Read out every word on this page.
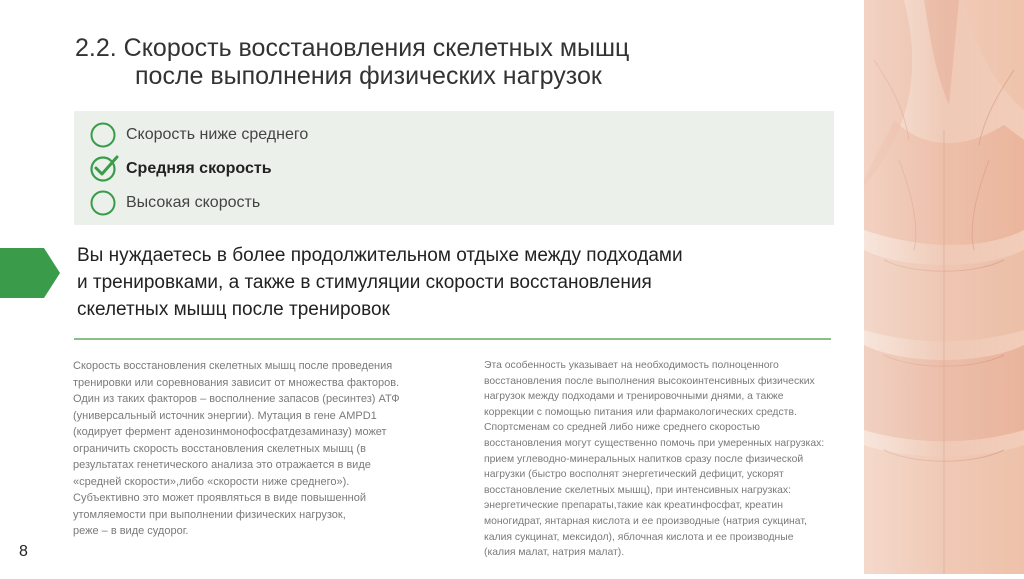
2.2. Скорость восстановления скелетных мышц
после выполнения физических нагрузок
Скорость ниже среднего
Средняя скорость
Высокая скорость
Вы нуждаетесь в более продолжительном отдыхе между подходами
и тренировками, а также в стимуляции скорости восстановления
скелетных мышц после тренировок
Скорость восстановления скелетных мышц после проведения
тренировки или соревнования зависит от множества факторов.
Один из таких факторов – восполнение запасов (ресинтез) АТФ
(универсальный источник энергии). Мутация в гене AMPD1
(кодирует фермент аденозинмонофосфатдезаминазу) может
ограничить скорость восстановления скелетных мышц (в
результатах генетического анализа это отражается в виде
«средней скорости»,либо «скорости ниже среднего»).
Субъективно это может проявляться в виде повышенной
утомляемости при выполнении физических нагрузок,
реже – в виде судорог.
Эта особенность указывает на необходимость полноценного
восстановления после выполнения высокоинтенсивных физических
нагрузок между подходами и тренировочными днями, а также
коррекции с помощью питания или фармакологических средств.
Спортсменам со средней либо ниже среднего скоростью
восстановления могут существенно помочь при умеренных нагрузках:
прием углеводно-минеральных напитков сразу после физической
нагрузки (быстро восполнят энергетический дефицит, ускорят
восстановление скелетных мышц), при интенсивных нагрузках:
энергетические препараты,такие как креатинфосфат, креатин
моногидрат, янтарная кислота и ее производные (натрия сукцинат,
калия сукцинат, мексидол), яблочная кислота и ее производные
(калия малат, натрия малат).
8
